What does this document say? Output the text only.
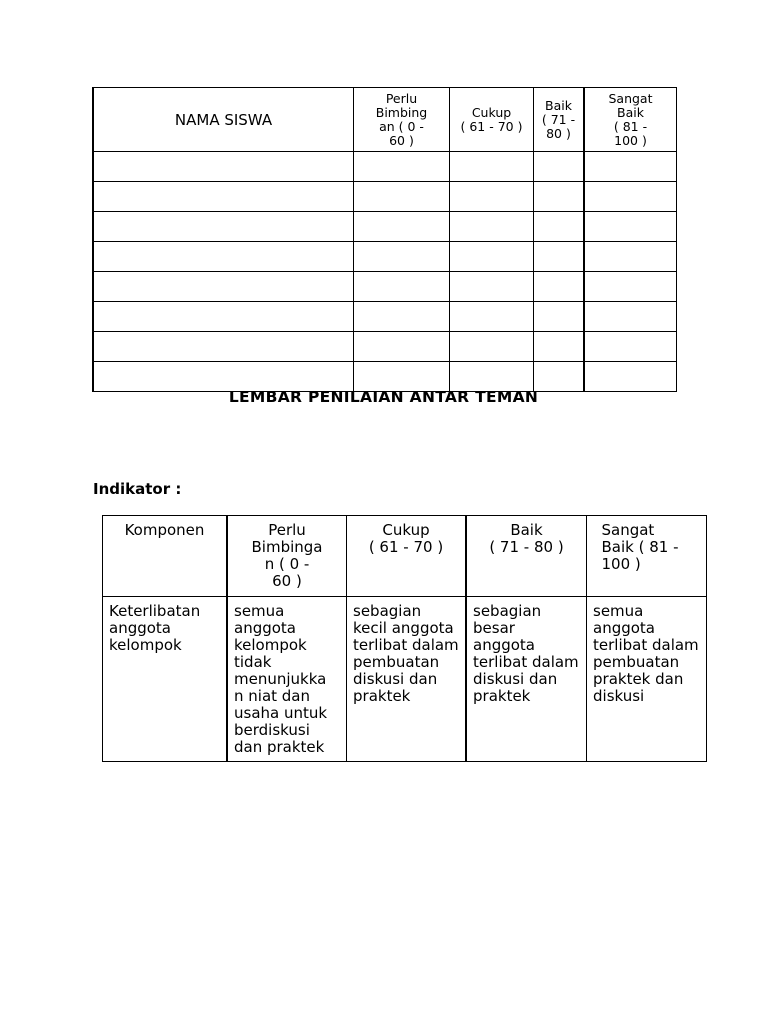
NAMA SISWA	Perlu
Bimbing
an ( 0 -
60 )	Cukup
( 61 - 70 )	Baik
( 71 -
80 )	Sangat
Baik
( 81 -
100 )

LEMBAR PENILAIAN ANTAR TEMAN
Indikator :
Komponen	Perlu
Bimbinga
n ( 0 -
60 )	Cukup
( 61 - 70 )	Baik
( 71 - 80 )	Sangat
Baik ( 81 -
100 )
Keterlibatan anggota kelompok	semua anggota kelompok tidak menunjukka n niat dan usaha untuk berdiskusi dan praktek	sebagian kecil anggota terlibat dalam pembuatan diskusi dan praktek	sebagian besar anggota terlibat dalam diskusi dan praktek	semua anggota terlibat dalam pembuatan praktek dan diskusi
